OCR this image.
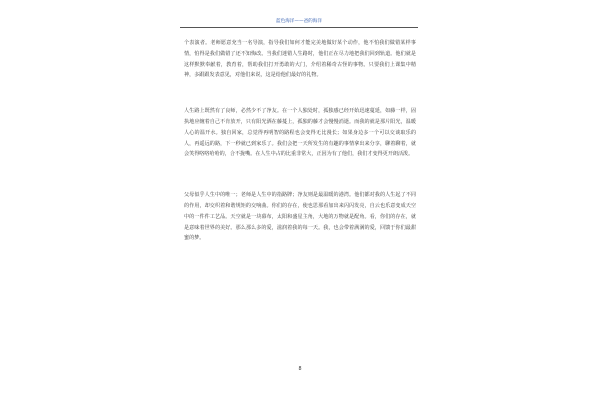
蓝色海洋——爸的海洋

个表演者。老师愿意充当一名导演，指导我们如何才能完美地做好某个动作，他不怕我们做错某样事情，怕得是我们做错了还不知悔改。当我们迷错人生路时，他们正在尽力地把我们回到轨道。他们就是这样默默奉献着，教育着，帮助我们打开勇敢的大门，介绍着稀奇古怪的事物。只要我们上课集中精神，多跟跟发表意见，对他们来说，这是给他们最好的礼物。

人生路上既然有了良师，必然少不了净友。在一个人独处时，孤独感已经开始迅速蔓延，如藤一样，固执地应缠着自己不肯放开，只有阳光洒在藤蔓上，孤独的藤才会慢慢消逝。而我的就是那片阳光，温暖人心的温开水。独自回家，总觉得再明智的路程也会变得无比漫长；如果身边多一个可以交谈取乐的人，再遥远的路，下一秒就已到家乐了。我们会把一天所发生的有趣的事情拿出来分享，聊着聊着，就会笑得咯咯哈哈的，合不拢嘴。在人生中占的比重非常大，正因为有了他们，我们才变得更开朗活泼。

父母似乎人生中的唯一；老师是人生中的指路牌；净友则是最温暖的港湾。他们都对我的人生起了不同的作用，却交织着和谐规矩的交响曲。你们的存在，使也思那看加出来闪闪发亮，自云也乐意变成天空中的一件件工艺品。天空就是一块幕布，太阳和盛星主角，大地的万物就是配角。看，你们的存在，就是意味着世界的美好。那么那么多的爱，滋润着我的每一天。我，也会带着满满的爱，回馈于你们最甜蜜的梦。

8
